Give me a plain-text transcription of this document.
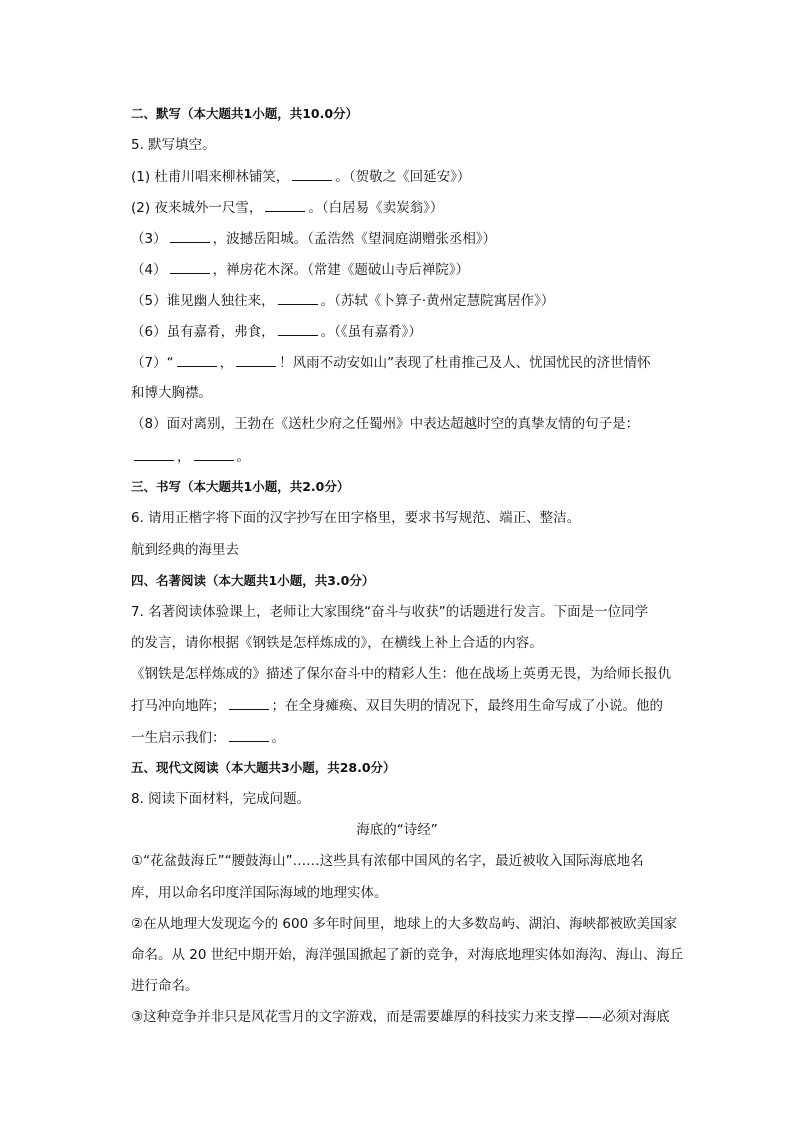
二、默写（本大题共1小题，共10.0分）
5. 默写填空。
(1) 杜甫川唱来柳林铺笑，	。（贺敬之《回延安》）
(2) 夜来城外一尺雪，	。（白居易《卖炭翁》）
（3）	，波撼岳阳城。（孟浩然《望洞庭湖赠张丞相》）
（4）	，禅房花木深。（常建《题破山寺后禅院》）
（5）谁见幽人独往来，	。（苏轼《卜算子·黄州定慧院寓居作》）
（6）虽有嘉肴，弗食，	。（《虽有嘉肴》）
（7）“	，	！风雨不动安如山”表现了杜甫推己及人、忧国忧民的济世情怀
和博大胸襟。
（8）面对离别，王勃在《送杜少府之任蜀州》中表达超越时空的真挚友情的句子是：
，	。
三、书写（本大题共1小题，共2.0分）
6. 请用正楷字将下面的汉字抄写在田字格里，要求书写规范、端正、整洁。
航到经典的海里去
四、名著阅读（本大题共1小题，共3.0分）
7. 名著阅读体验课上，老师让大家围绕“奋斗与收获”的话题进行发言。下面是一位同学
的发言，请你根据《钢铁是怎样炼成的》，在横线上补上合适的内容。
《钢铁是怎样炼成的》描述了保尔奋斗中的精彩人生：他在战场上英勇无畏，为给师长报仇
打马冲向地阵；	；在全身瘫痪、双目失明的情况下，最终用生命写成了小说。他的
一生启示我们：	。
五、现代文阅读（本大题共3小题，共28.0分）
8. 阅读下面材料，完成问题。
海底的“诗经”
①“花盆鼓海丘”“腰鼓海山”……这些具有浓郁中国风的名字，最近被收入国际海底地名
库，用以命名印度洋国际海域的地理实体。
②在从地理大发现迄今的 600 多年时间里，地球上的大多数岛屿、湖泊、海峡都被欧美国家
命名。从 20 世纪中期开始，海洋强国掀起了新的竞争，对海底地理实体如海沟、海山、海丘
进行命名。
③这种竞争并非只是风花雪月的文字游戏，而是需要雄厚的科技实力来支撑——必须对海底
